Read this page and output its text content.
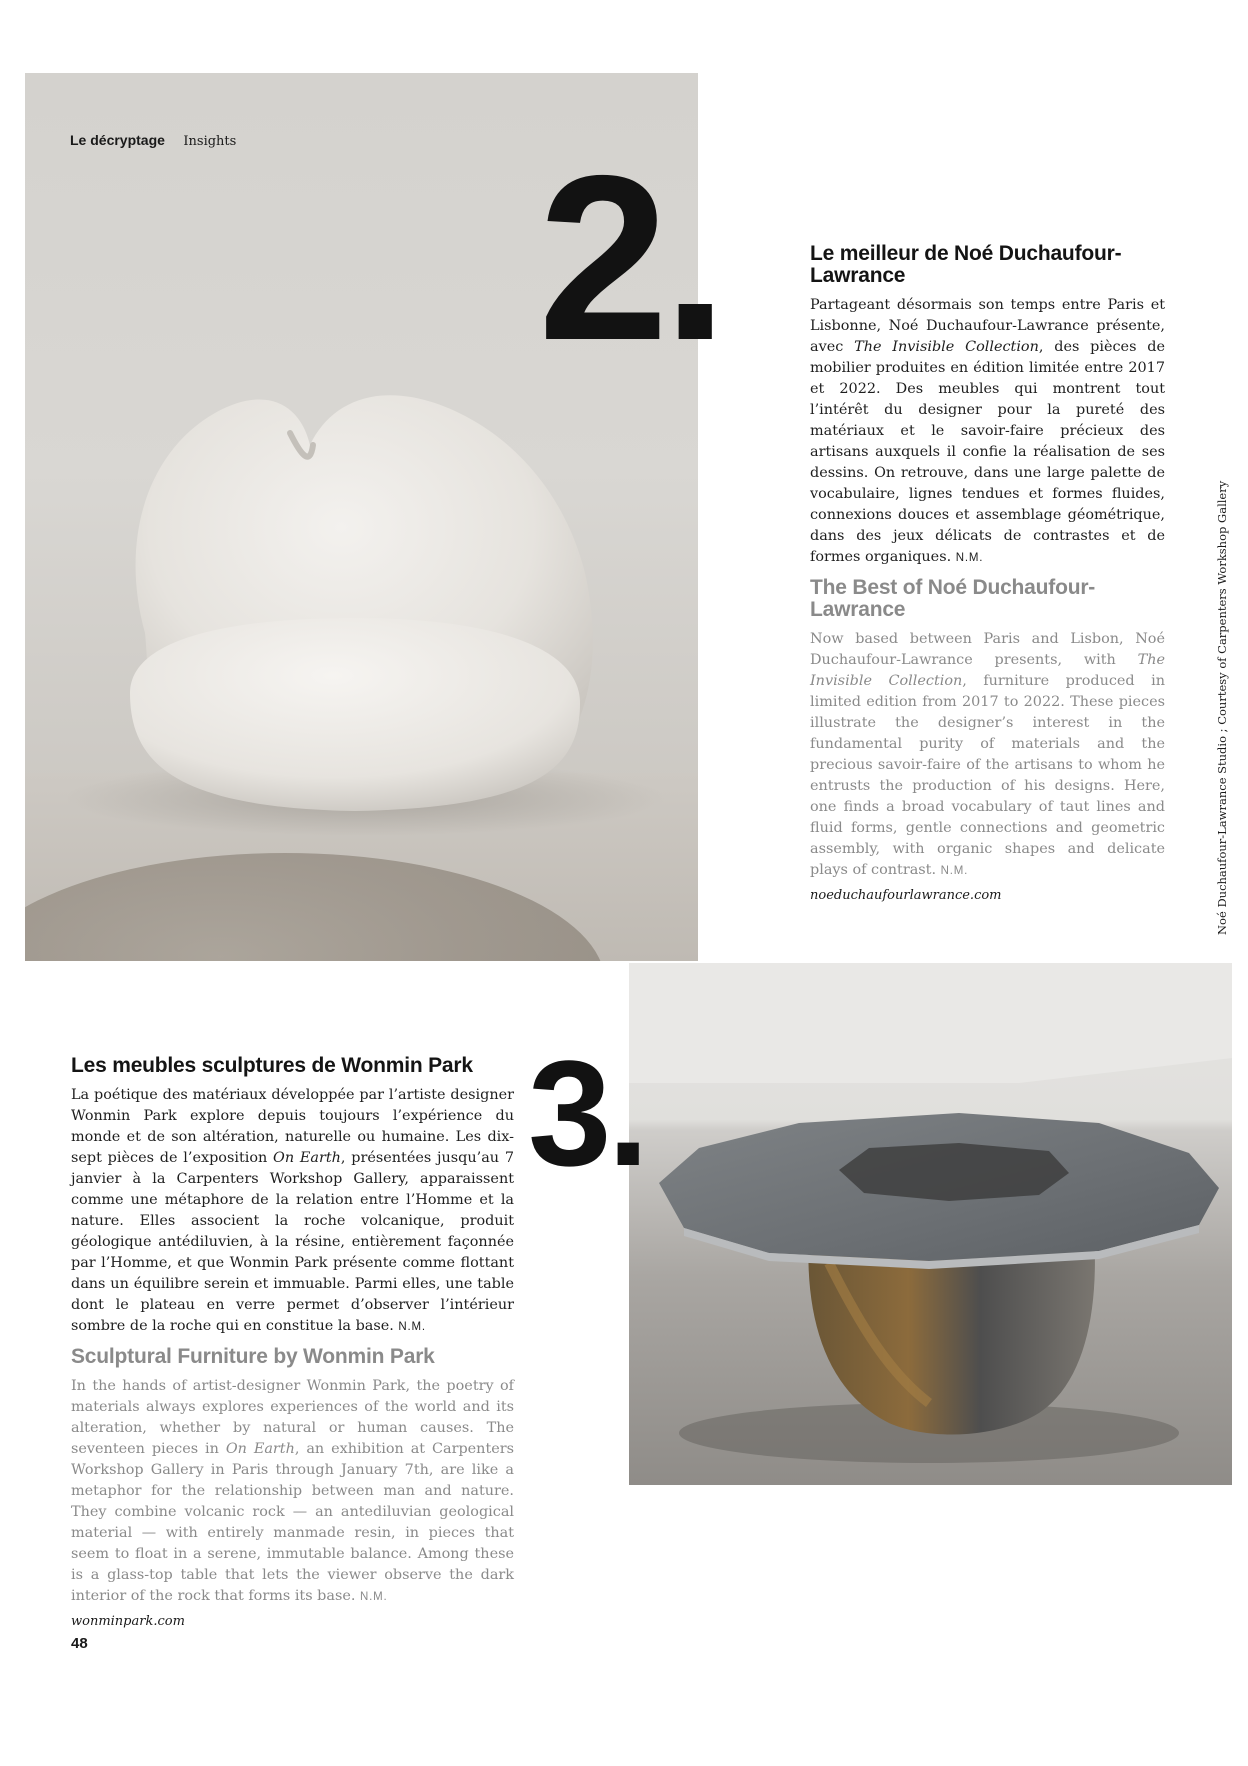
2.
3.
Le décryptage Insights
Le meilleur de Noé Duchaufour-Lawrance

Partageant désormais son temps entre Paris et Lisbonne, Noé Duchaufour-Lawrance présente, avec The Invisible Collection, des pièces de mobilier produites en édition limitée entre 2017 et 2022. Des meubles qui montrent tout l’intérêt du designer pour la pureté des matériaux et le savoir-faire précieux des artisans auxquels il confie la réalisation de ses dessins. On retrouve, dans une large palette de vocabulaire, lignes tendues et formes fluides, connexions douces et assemblage géométrique, dans des jeux délicats de contrastes et de formes organiques. N.M.

The Best of Noé Duchaufour-Lawrance

Now based between Paris and Lisbon, Noé Duchaufour-Lawrance presents, with The Invisible Collection, furniture produced in limited edition from 2017 to 2022. These pieces illustrate the designer’s interest in the fundamental purity of materials and the precious savoir-faire of the artisans to whom he entrusts the production of his designs. Here, one finds a broad vocabulary of taut lines and fluid forms, gentle connections and geometric assembly, with organic shapes and delicate plays of contrast. N.M.

noeduchaufourlawrance.com
Les meubles sculptures de Wonmin Park

La poétique des matériaux développée par l’artiste designer Wonmin Park explore depuis toujours l’expérience du monde et de son altération, naturelle ou humaine. Les dix-sept pièces de l’exposition On Earth, présentées jusqu’au 7 janvier à la Carpenters Workshop Gallery, apparaissent comme une métaphore de la relation entre l’Homme et la nature. Elles associent la roche volcanique, produit géologique antédiluvien, à la résine, entièrement façonnée par l’Homme, et que Wonmin Park présente comme flottant dans un équilibre serein et immuable. Parmi elles, une table dont le plateau en verre permet d’observer l’intérieur sombre de la roche qui en constitue la base. N.M.

Sculptural Furniture by Wonmin Park

In the hands of artist-designer Wonmin Park, the poetry of materials always explores experiences of the world and its alteration, whether by natural or human causes. The seventeen pieces in On Earth, an exhibition at Carpenters Workshop Gallery in Paris through January 7th, are like a metaphor for the relationship between man and nature. They combine volcanic rock — an antediluvian geological material — with entirely manmade resin, in pieces that seem to float in a serene, immutable balance. Among these is a glass-top table that lets the viewer observe the dark interior of the rock that forms its base. N.M.

wonminpark.com
Noé Duchaufour-Lawrance Studio ; Courtesy of Carpenters Workshop Gallery
48
